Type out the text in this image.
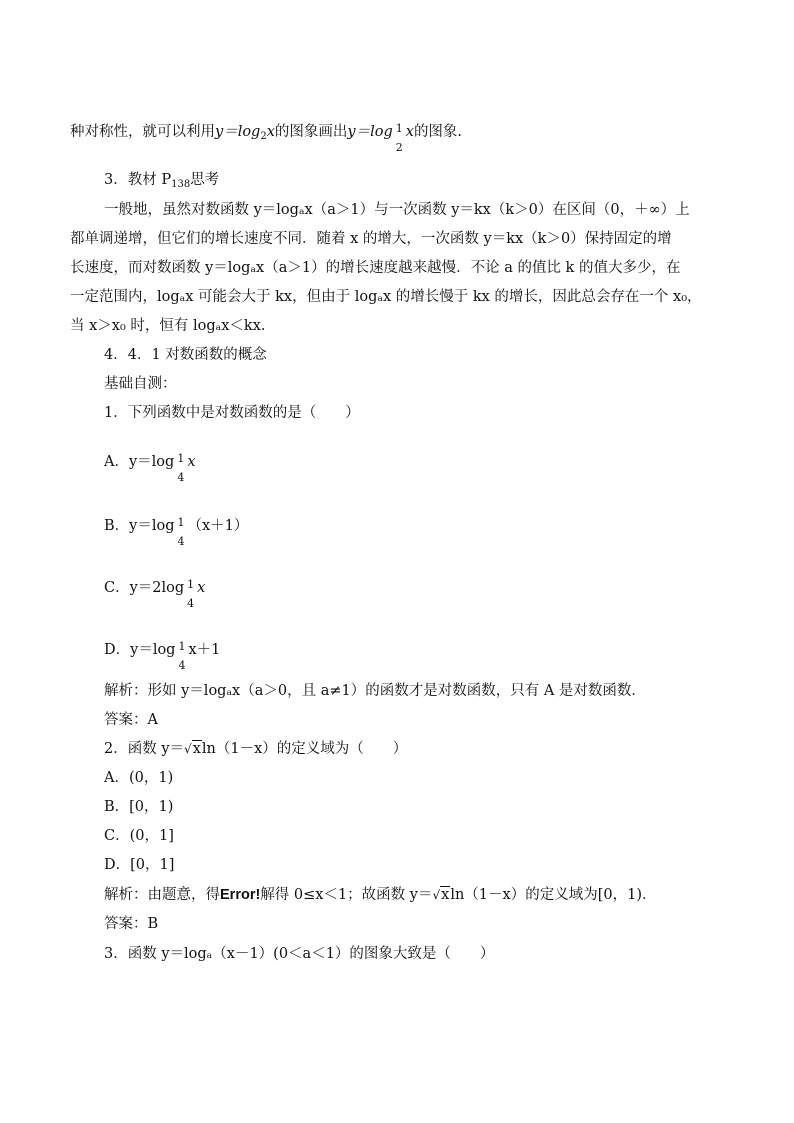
种对称性，就可以利用$y=\log_2x$的图象画出y＝log 1
2
x的图象.
3．教材 $P_{138}$思考
一般地，虽然对数函数 y＝logₐx（a＞1）与一次函数 y＝kx（k＞0）在区间（0，＋∞）上
都单调递增，但它们的增长速度不同．随着 x 的增大，一次函数 y＝kx（k＞0）保持固定的增
长速度，而对数函数 y＝logₐx（a＞1）的增长速度越来越慢．不论 a 的值比 k 的值大多少，在
一定范围内，logₐx 可能会大于 kx，但由于 logₐx 的增长慢于 kx 的增长，因此总会存在一个 x₀，
当 x＞x₀ 时，恒有 logₐx＜kx.
4．4．1 对数函数的概念
基础自测：
1．下列函数中是对数函数的是（　　）
A．y＝log 1
4
x
B．y＝log 1
4
（x＋1）
C．y＝2log 1
4
x
D．y＝log 1
4
x＋1
解析：形如 y＝logₐx（a＞0，且 a≠1）的函数才是对数函数，只有 A 是对数函数．
答案：A
2．函数 y＝√xln（1－x）的定义域为（　　）
A．(0，1)
B．[0，1)
C．(0，1]
D．[0，1]
解析：由题意，得Error!解得 0≤x＜1；故函数 y＝√xln（1－x）的定义域为[0，1)．
答案：B
3．函数 y＝logₐ（x－1）(0＜a＜1）的图象大致是（　　）
